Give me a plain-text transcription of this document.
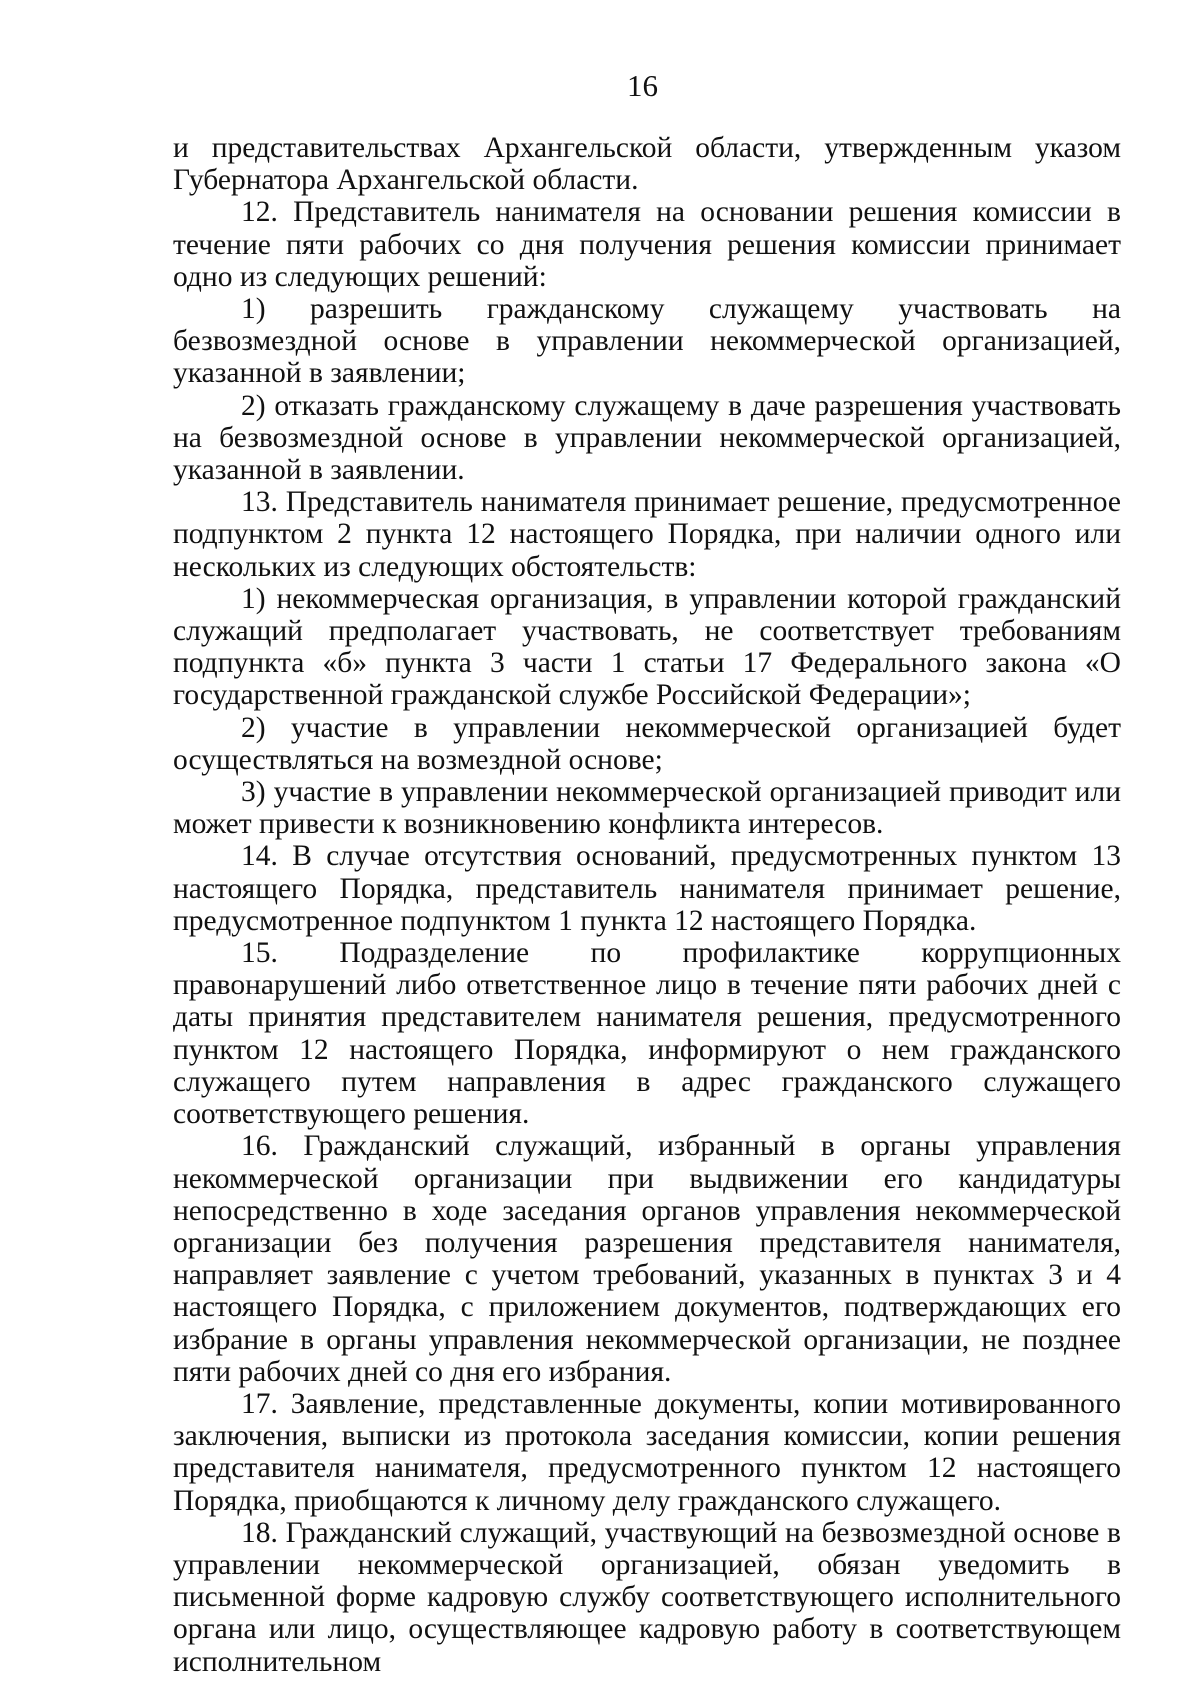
16

и представительствах Архангельской области, утвержденным указом Губернатора Архангельской области.

12. Представитель нанимателя на основании решения комиссии в течение пяти рабочих со дня получения решения комиссии принимает одно из следующих решений:

1) разрешить гражданскому служащему участвовать на безвозмездной основе в управлении некоммерческой организацией, указанной в заявлении;

2) отказать гражданскому служащему в даче разрешения участвовать на безвозмездной основе в управлении некоммерческой организацией, указанной в заявлении.

13. Представитель нанимателя принимает решение, предусмотренное подпунктом 2 пункта 12 настоящего Порядка, при наличии одного или нескольких из следующих обстоятельств:

1) некоммерческая организация, в управлении которой гражданский служащий предполагает участвовать, не соответствует требованиям подпункта «б» пункта 3 части 1 статьи 17 Федерального закона «О государственной гражданской службе Российской Федерации»;

2) участие в управлении некоммерческой организацией будет осуществляться на возмездной основе;

3) участие в управлении некоммерческой организацией приводит или может привести к возникновению конфликта интересов.

14. В случае отсутствия оснований, предусмотренных пунктом 13 настоящего Порядка, представитель нанимателя принимает решение, предусмотренное подпунктом 1 пункта 12 настоящего Порядка.

15. Подразделение по профилактике коррупционных правонарушений либо ответственное лицо в течение пяти рабочих дней с даты принятия представителем нанимателя решения, предусмотренного пунктом 12 настоящего Порядка, информируют о нем гражданского служащего путем направления в адрес гражданского служащего соответствующего решения.

16. Гражданский служащий, избранный в органы управления некоммерческой организации при выдвижении его кандидатуры непосредственно в ходе заседания органов управления некоммерческой организации без получения разрешения представителя нанимателя, направляет заявление с учетом требований, указанных в пунктах 3 и 4 настоящего Порядка, с приложением документов, подтверждающих его избрание в органы управления некоммерческой организации, не позднее пяти рабочих дней со дня его избрания.

17. Заявление, представленные документы, копии мотивированного заключения, выписки из протокола заседания комиссии, копии решения представителя нанимателя, предусмотренного пунктом 12 настоящего Порядка, приобщаются к личному делу гражданского служащего.

18. Гражданский служащий, участвующий на безвозмездной основе в управлении некоммерческой организацией, обязан уведомить в письменной форме кадровую службу соответствующего исполнительного органа или лицо, осуществляющее кадровую работу в соответствующем исполнительном
